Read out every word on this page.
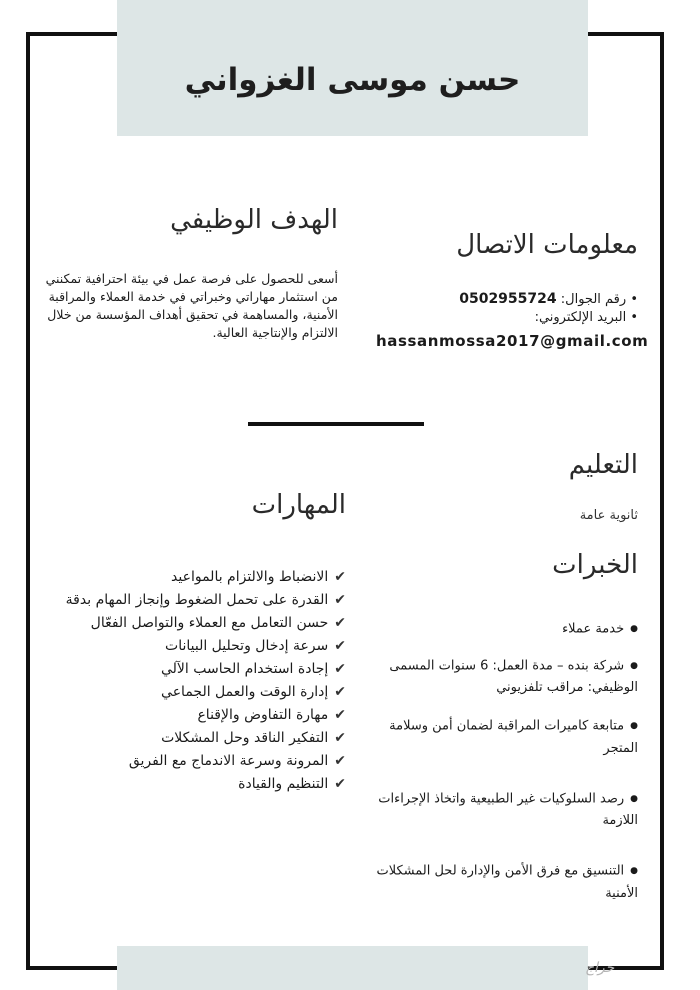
حسن موسى الغزواني
الهدف الوظيفي
أسعى للحصول على فرصة عمل في بيئة احترافية تمكنني من استثمار مهاراتي وخبراتي في خدمة العملاء والمراقبة الأمنية، والمساهمة في تحقيق أهداف المؤسسة من خلال الالتزام والإنتاجية العالية.
معلومات الاتصال
• رقم الجوال: 0502955724
• البريد الإلكتروني:
hassanmossa2017@gmail.com
التعليم
ثانوية عامة
المهارات
✔الانضباط والالتزام بالمواعيد
✔القدرة على تحمل الضغوط وإنجاز المهام بدقة
✔حسن التعامل مع العملاء والتواصل الفعّال
✔سرعة إدخال وتحليل البيانات
✔إجادة استخدام الحاسب الآلي
✔إدارة الوقت والعمل الجماعي
✔مهارة التفاوض والإقناع
✔التفكير الناقد وحل المشكلات
✔المرونة وسرعة الاندماج مع الفريق
✔التنظيم والقيادة
الخبرات
●خدمة عملاء
●شركة بنده – مدة العمل: 6 سنوات المسمى الوظيفي: مراقب تلفزيوني
●متابعة كاميرات المراقبة لضمان أمن وسلامة المتجر
●رصد السلوكيات غير الطبيعية واتخاذ الإجراءات اللازمة
●التنسيق مع فرق الأمن والإدارة لحل المشكلات الأمنية
حراج
